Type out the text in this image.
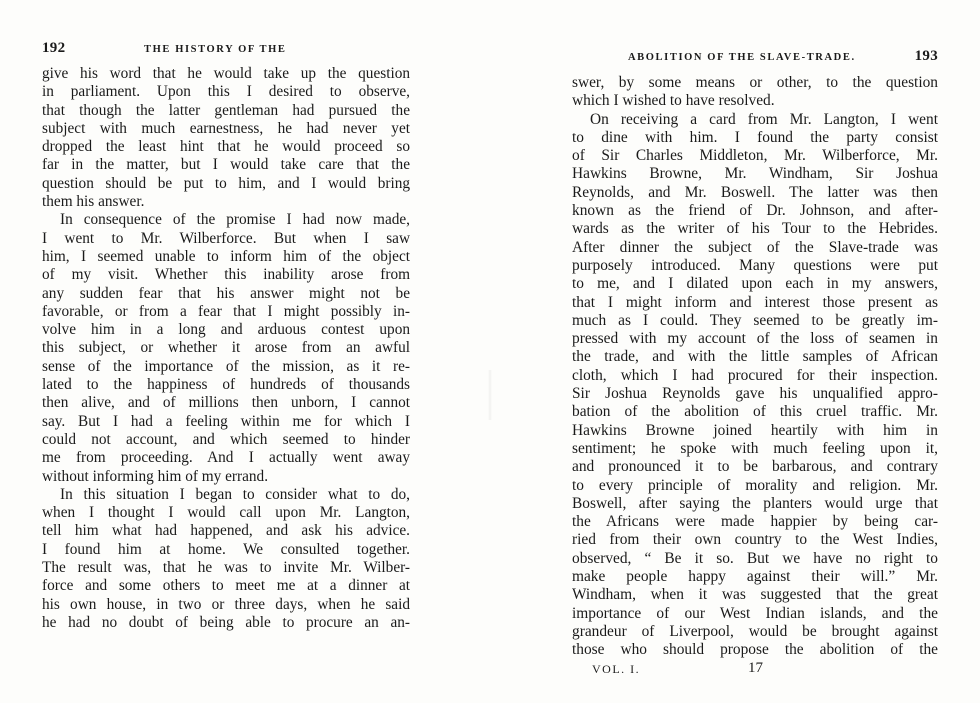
192	THE HISTORY OF THE
give his word that he would take up the question
in parliament. Upon this I desired to observe,
that though the latter gentleman had pursued the
subject with much earnestness, he had never yet
dropped the least hint that he would proceed so
far in the matter, but I would take care that the
question should be put to him, and I would bring
them his answer.
In consequence of the promise I had now made,
I went to Mr. Wilberforce. But when I saw
him, I seemed unable to inform him of the object
of my visit. Whether this inability arose from
any sudden fear that his answer might not be
favorable, or from a fear that I might possibly in-
volve him in a long and arduous contest upon
this subject, or whether it arose from an awful
sense of the importance of the mission, as it re-
lated to the happiness of hundreds of thousands
then alive, and of millions then unborn, I cannot
say. But I had a feeling within me for which I
could not account, and which seemed to hinder
me from proceeding. And I actually went away
without informing him of my errand.
In this situation I began to consider what to do,
when I thought I would call upon Mr. Langton,
tell him what had happened, and ask his advice.
I found him at home. We consulted together.
The result was, that he was to invite Mr. Wilber-
force and some others to meet me at a dinner at
his own house, in two or three days, when he said
he had no doubt of being able to procure an an-
ABOLITION OF THE SLAVE-TRADE.	193
swer, by some means or other, to the question
which I wished to have resolved.
On receiving a card from Mr. Langton, I went
to dine with him. I found the party consist
of Sir Charles Middleton, Mr. Wilberforce, Mr.
Hawkins Browne, Mr. Windham, Sir Joshua
Reynolds, and Mr. Boswell. The latter was then
known as the friend of Dr. Johnson, and after-
wards as the writer of his Tour to the Hebrides.
After dinner the subject of the Slave-trade was
purposely introduced. Many questions were put
to me, and I dilated upon each in my answers,
that I might inform and interest those present as
much as I could. They seemed to be greatly im-
pressed with my account of the loss of seamen in
the trade, and with the little samples of African
cloth, which I had procured for their inspection.
Sir Joshua Reynolds gave his unqualified appro-
bation of the abolition of this cruel traffic. Mr.
Hawkins Browne joined heartily with him in
sentiment; he spoke with much feeling upon it,
and pronounced it to be barbarous, and contrary
to every principle of morality and religion. Mr.
Boswell, after saying the planters would urge that
the Africans were made happier by being car-
ried from their own country to the West Indies,
observed, “ Be it so. But we have no right to
make people happy against their will.” Mr.
Windham, when it was suggested that the great
importance of our West Indian islands, and the
grandeur of Liverpool, would be brought against
those who should propose the abolition of the
VOL. I.	17
